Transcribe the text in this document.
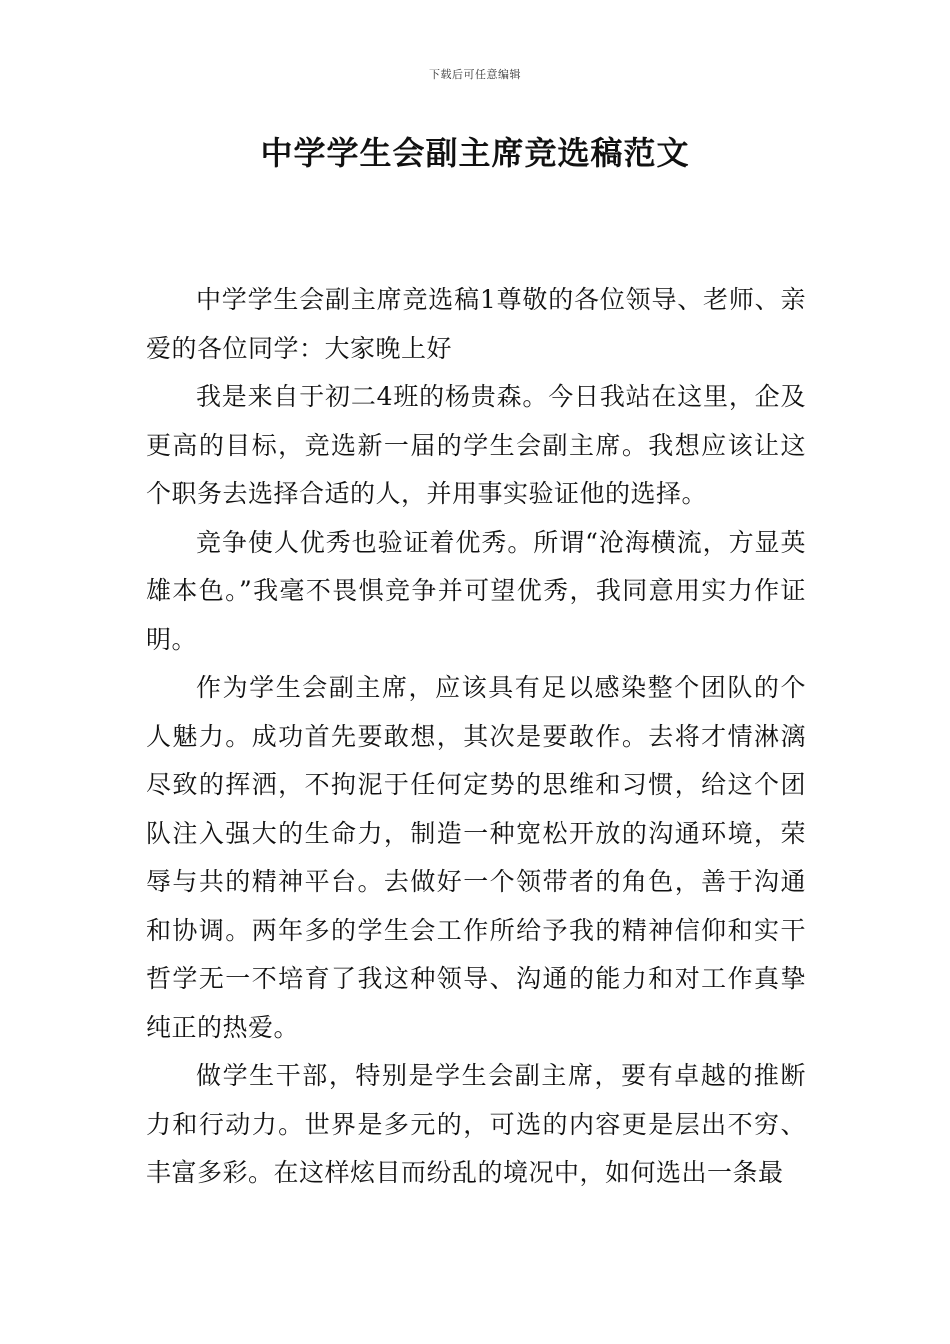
下载后可任意编辑
中学学生会副主席竞选稿范文

中学学生会副主席竞选稿1尊敬的各位领导、老师、亲爱的各位同学：大家晚上好

我是来自于初二4班的杨贵森。今日我站在这里，企及更高的目标，竞选新一届的学生会副主席。我想应该让这个职务去选择合适的人，并用事实验证他的选择。

竞争使人优秀也验证着优秀。所谓“沧海横流，方显英雄本色。”我毫不畏惧竞争并可望优秀，我同意用实力作证明。

作为学生会副主席，应该具有足以感染整个团队的个人魅力。成功首先要敢想，其次是要敢作。去将才情淋漓尽致的挥洒，不拘泥于任何定势的思维和习惯，给这个团队注入强大的生命力，制造一种宽松开放的沟通环境，荣辱与共的精神平台。去做好一个领带者的角色，善于沟通和协调。两年多的学生会工作所给予我的精神信仰和实干哲学无一不培育了我这种领导、沟通的能力和对工作真挚纯正的热爱。

做学生干部，特别是学生会副主席，要有卓越的推断力和行动力。世界是多元的，可选的内容更是层出不穷、丰富多彩。在这样炫目而纷乱的境况中，如何选出一条最
